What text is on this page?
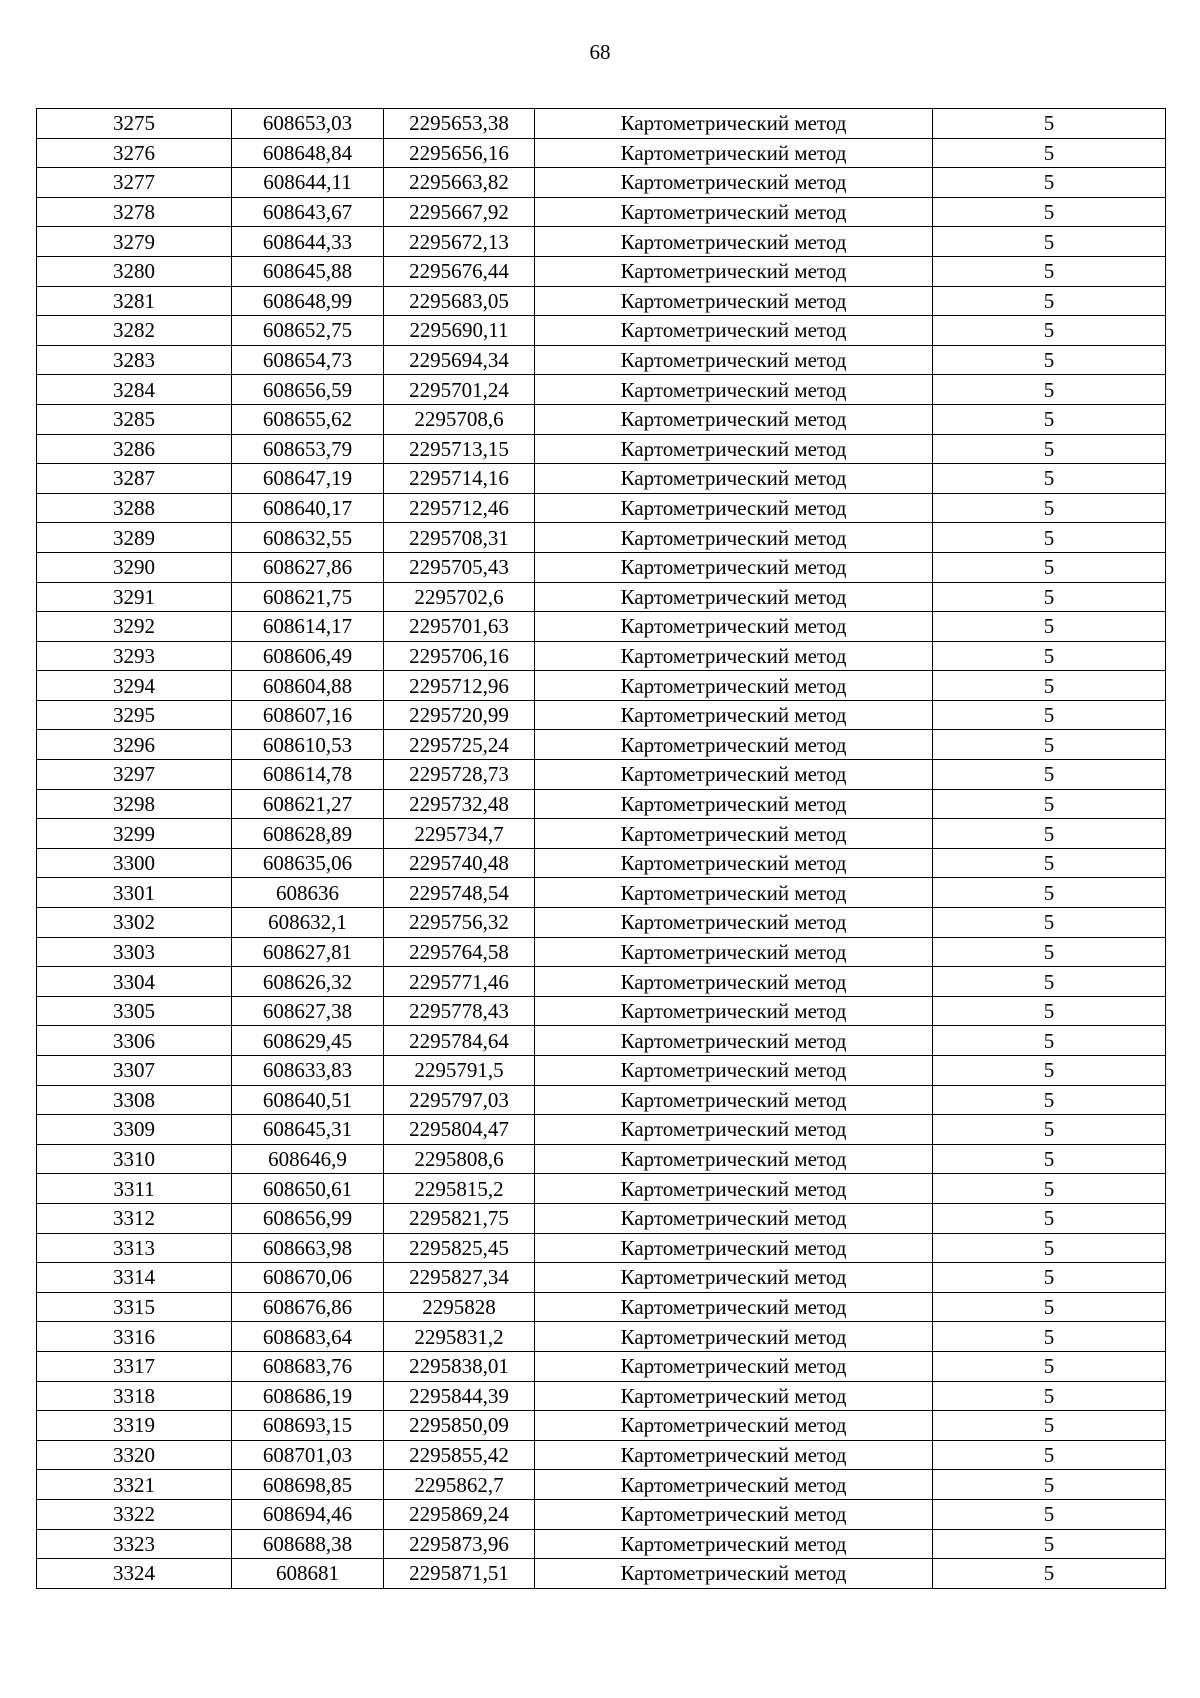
68
3275	608653,03	2295653,38	Картометрический метод	5
3276	608648,84	2295656,16	Картометрический метод	5
3277	608644,11	2295663,82	Картометрический метод	5
3278	608643,67	2295667,92	Картометрический метод	5
3279	608644,33	2295672,13	Картометрический метод	5
3280	608645,88	2295676,44	Картометрический метод	5
3281	608648,99	2295683,05	Картометрический метод	5
3282	608652,75	2295690,11	Картометрический метод	5
3283	608654,73	2295694,34	Картометрический метод	5
3284	608656,59	2295701,24	Картометрический метод	5
3285	608655,62	2295708,6	Картометрический метод	5
3286	608653,79	2295713,15	Картометрический метод	5
3287	608647,19	2295714,16	Картометрический метод	5
3288	608640,17	2295712,46	Картометрический метод	5
3289	608632,55	2295708,31	Картометрический метод	5
3290	608627,86	2295705,43	Картометрический метод	5
3291	608621,75	2295702,6	Картометрический метод	5
3292	608614,17	2295701,63	Картометрический метод	5
3293	608606,49	2295706,16	Картометрический метод	5
3294	608604,88	2295712,96	Картометрический метод	5
3295	608607,16	2295720,99	Картометрический метод	5
3296	608610,53	2295725,24	Картометрический метод	5
3297	608614,78	2295728,73	Картометрический метод	5
3298	608621,27	2295732,48	Картометрический метод	5
3299	608628,89	2295734,7	Картометрический метод	5
3300	608635,06	2295740,48	Картометрический метод	5
3301	608636	2295748,54	Картометрический метод	5
3302	608632,1	2295756,32	Картометрический метод	5
3303	608627,81	2295764,58	Картометрический метод	5
3304	608626,32	2295771,46	Картометрический метод	5
3305	608627,38	2295778,43	Картометрический метод	5
3306	608629,45	2295784,64	Картометрический метод	5
3307	608633,83	2295791,5	Картометрический метод	5
3308	608640,51	2295797,03	Картометрический метод	5
3309	608645,31	2295804,47	Картометрический метод	5
3310	608646,9	2295808,6	Картометрический метод	5
3311	608650,61	2295815,2	Картометрический метод	5
3312	608656,99	2295821,75	Картометрический метод	5
3313	608663,98	2295825,45	Картометрический метод	5
3314	608670,06	2295827,34	Картометрический метод	5
3315	608676,86	2295828	Картометрический метод	5
3316	608683,64	2295831,2	Картометрический метод	5
3317	608683,76	2295838,01	Картометрический метод	5
3318	608686,19	2295844,39	Картометрический метод	5
3319	608693,15	2295850,09	Картометрический метод	5
3320	608701,03	2295855,42	Картометрический метод	5
3321	608698,85	2295862,7	Картометрический метод	5
3322	608694,46	2295869,24	Картометрический метод	5
3323	608688,38	2295873,96	Картометрический метод	5
3324	608681	2295871,51	Картометрический метод	5
